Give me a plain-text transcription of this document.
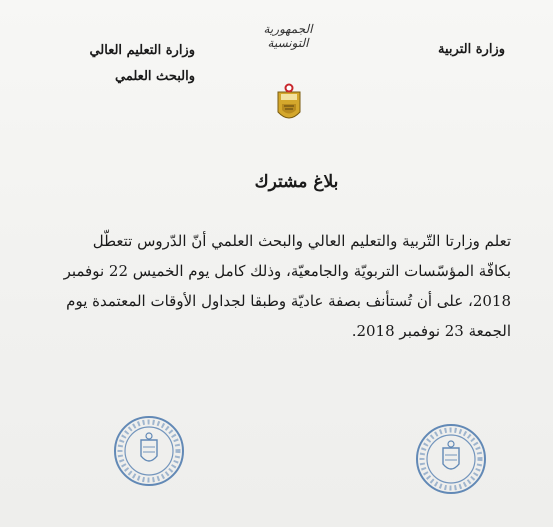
الجمهورية التونسية	وزارة التربية
وزارة التعليم العالي
والبحث العلمي
بلاغ مشترك

تعلم وزارتا التّربية والتعليم العالي والبحث العلمي أنّ الدّروس تتعطّل

بكافّة المؤسّسات التربويّة والجامعيّة، وذلك كامل يوم الخميس 22 نوفمبر

2018، على أن تُستأنف بصفة عاديّة وطبقا لجداول الأوقات المعتمدة يوم

الجمعة 23 نوفمبر 2018.
